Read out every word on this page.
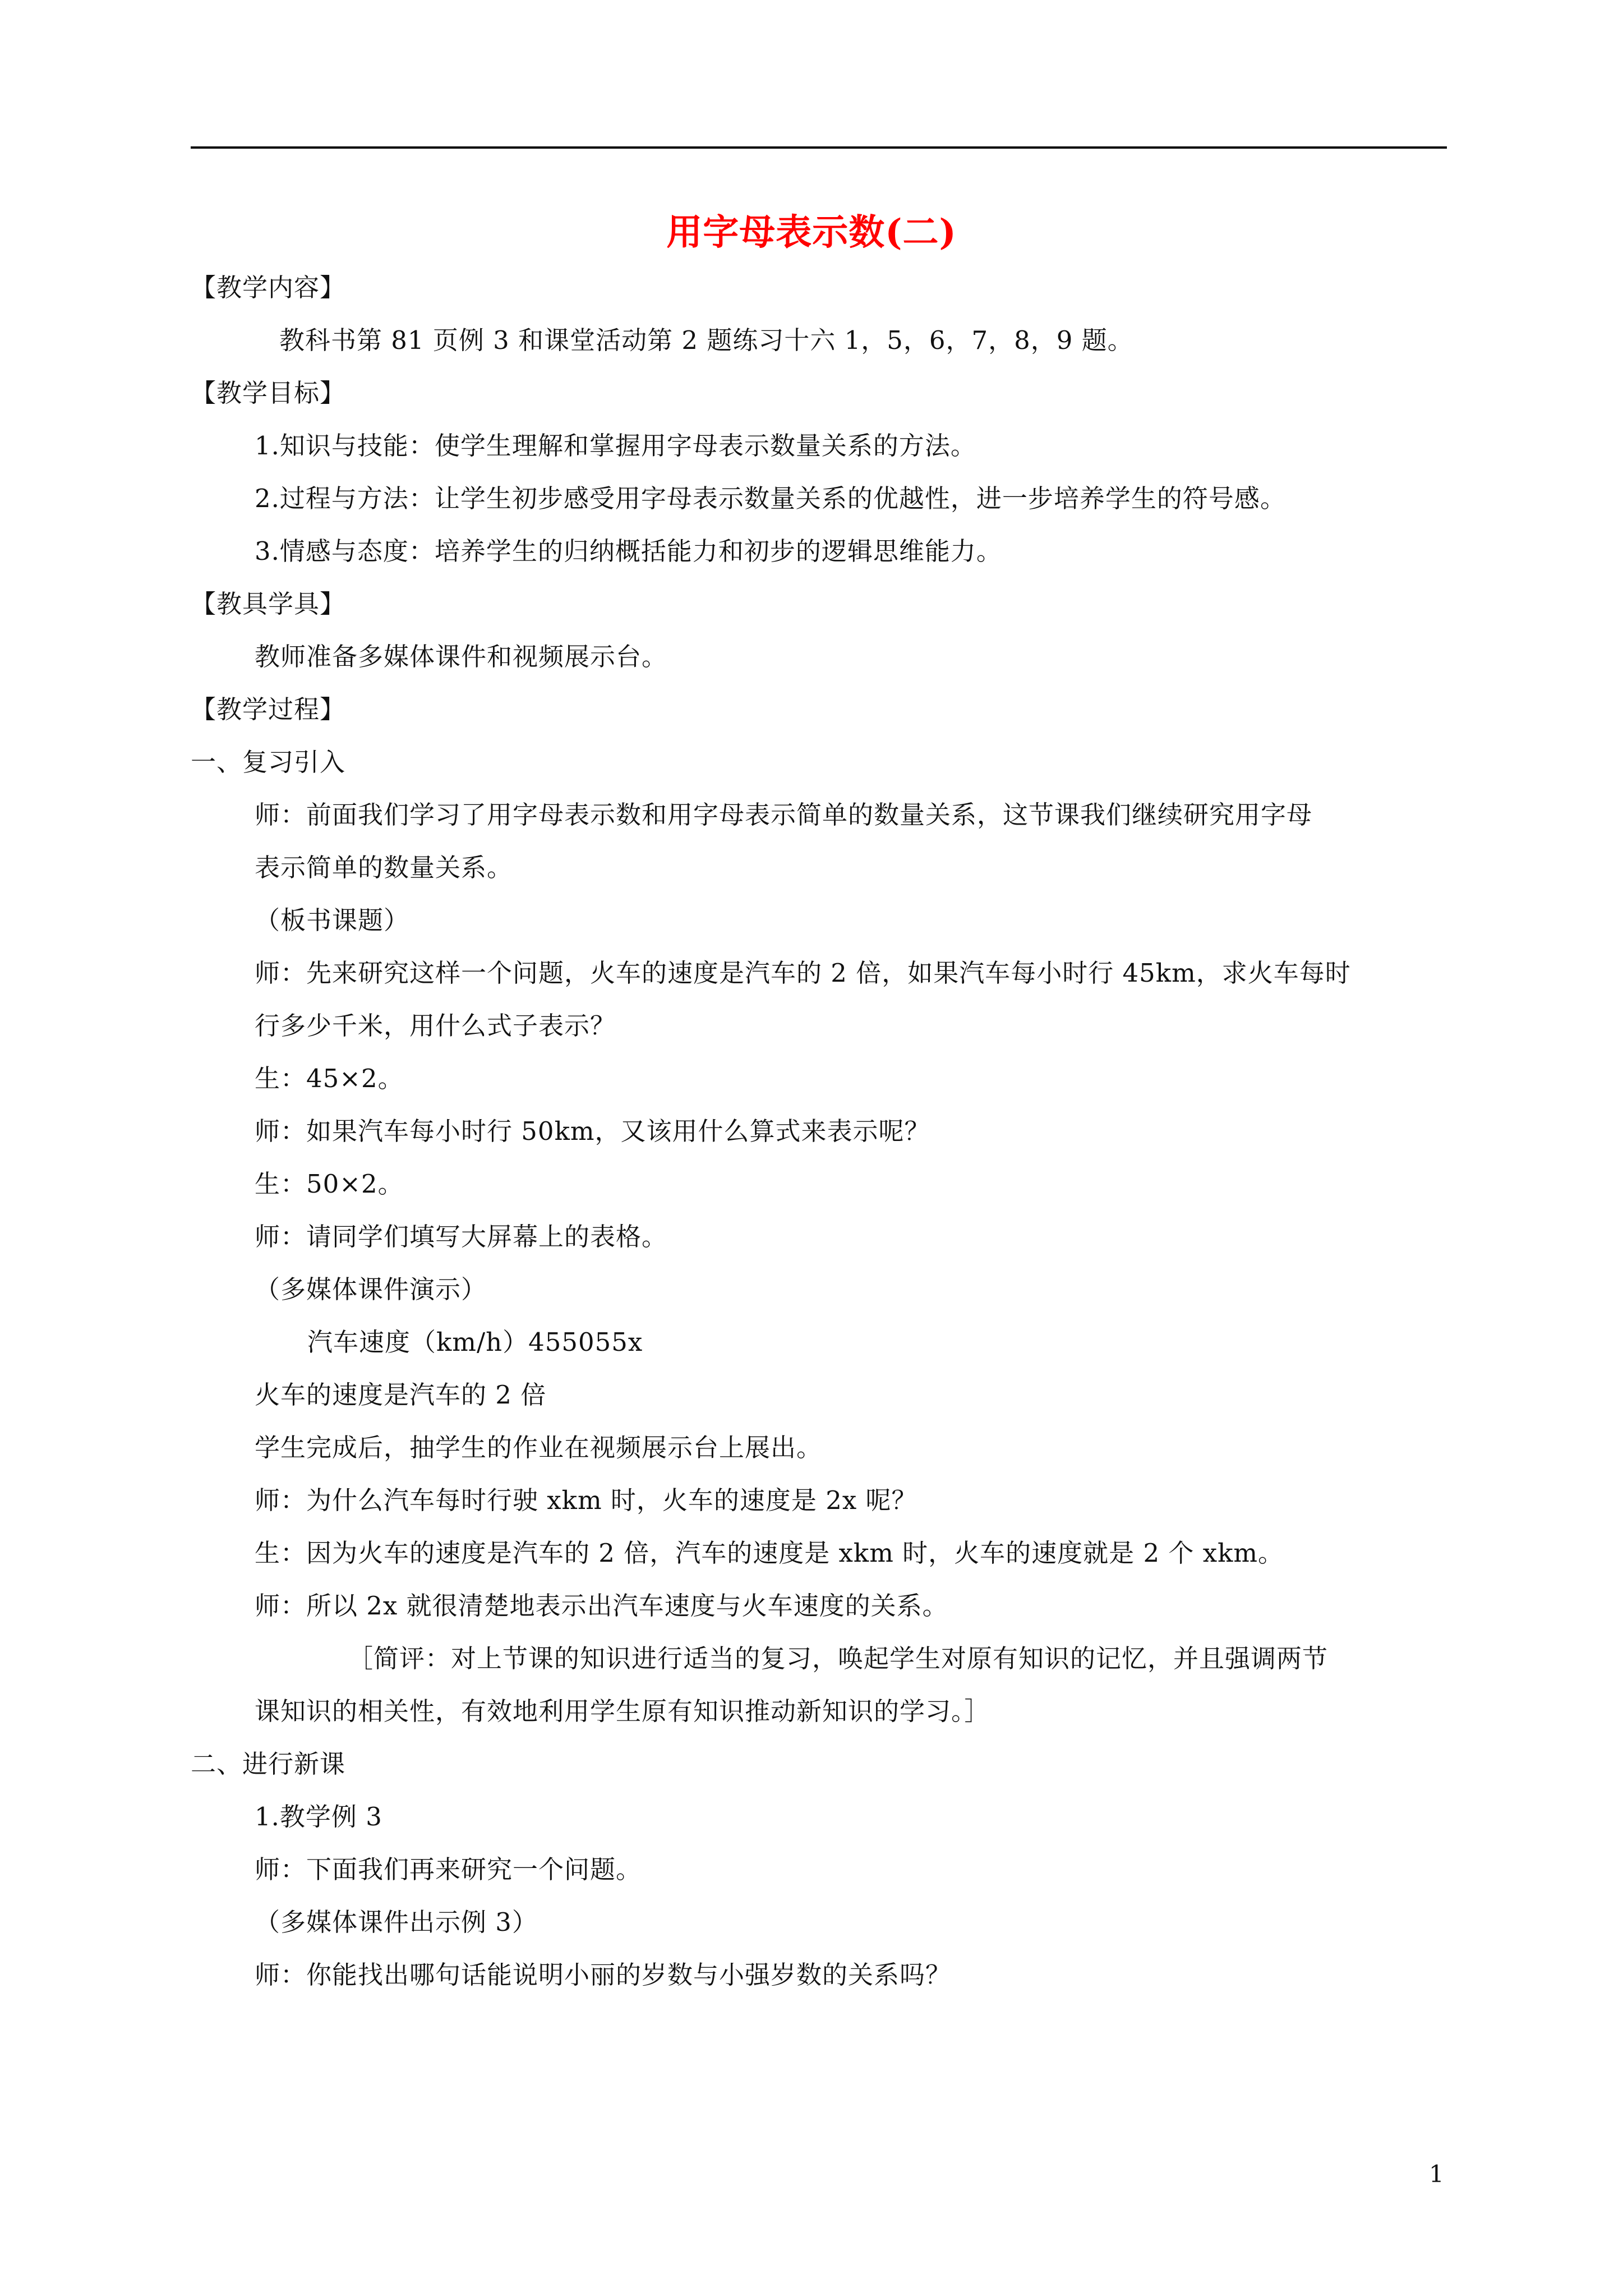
用字母表示数(二)
【教学内容】
教科书第 81 页例 3 和课堂活动第 2 题练习十六 1，5，6，7，8，9 题。
【教学目标】
1.知识与技能：使学生理解和掌握用字母表示数量关系的方法。
2.过程与方法：让学生初步感受用字母表示数量关系的优越性，进一步培养学生的符号感。
3.情感与态度：培养学生的归纳概括能力和初步的逻辑思维能力。
【教具学具】
教师准备多媒体课件和视频展示台。
【教学过程】
一、复习引入
师：前面我们学习了用字母表示数和用字母表示简单的数量关系，这节课我们继续研究用字母
表示简单的数量关系。
（板书课题）
师：先来研究这样一个问题，火车的速度是汽车的 2 倍，如果汽车每小时行 45km，求火车每时
行多少千米，用什么式子表示？
生：45×2。
师：如果汽车每小时行 50km，又该用什么算式来表示呢？
生：50×2。
师：请同学们填写大屏幕上的表格。
（多媒体课件演示）
汽车速度（km/h）455055x
火车的速度是汽车的 2 倍
学生完成后，抽学生的作业在视频展示台上展出。
师：为什么汽车每时行驶 xkm 时，火车的速度是 2x 呢？
生：因为火车的速度是汽车的 2 倍，汽车的速度是 xkm 时，火车的速度就是 2 个 xkm。
师：所以 2x 就很清楚地表示出汽车速度与火车速度的关系。
［简评：对上节课的知识进行适当的复习，唤起学生对原有知识的记忆，并且强调两节
课知识的相关性，有效地利用学生原有知识推动新知识的学习。］
二、进行新课
1.教学例 3
师：下面我们再来研究一个问题。
（多媒体课件出示例 3）
师：你能找出哪句话能说明小丽的岁数与小强岁数的关系吗？
1
